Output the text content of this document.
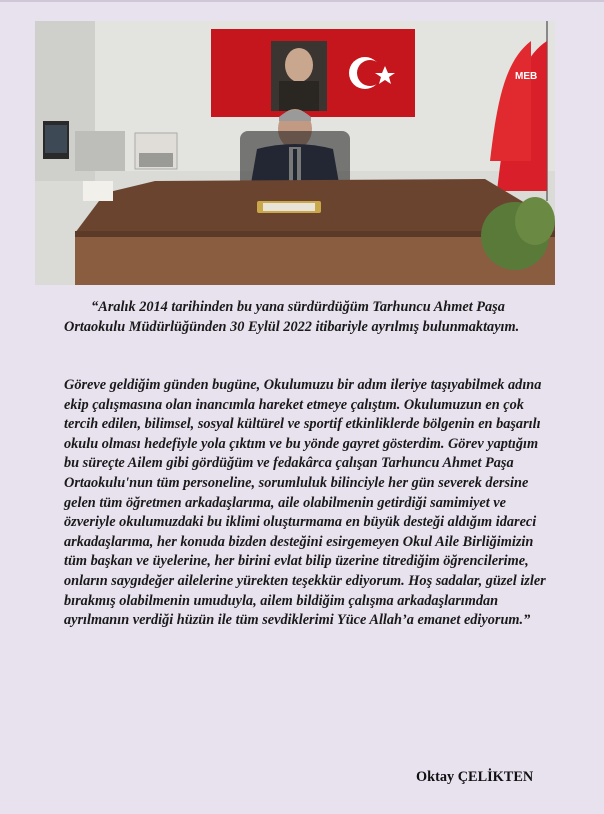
MEB

“Aralık 2014 tarihinden bu yana sürdürdüğüm Tarhuncu Ahmet Paşa Ortaokulu Müdürlüğünden 30 Eylül 2022 itibariyle ayrılmış bulunmaktayım.

Göreve geldiğim günden bugüne, Okulumuzu bir adım ileriye taşıyabilmek adına ekip çalışmasına olan inancımla hareket etmeye çalıştım. Okulumuzun en çok tercih edilen, bilimsel, sosyal kültürel ve sportif etkinliklerde bölgenin en başarılı okulu olması hedefiyle yola çıktım ve bu yönde gayret gösterdim. Görev yaptığım bu süreçte Ailem gibi gördüğüm ve fedakârca çalışan Tarhuncu Ahmet Paşa Ortaokulu'nun tüm personeline, sorumluluk bilinciyle her gün severek dersine gelen tüm öğretmen arkadaşlarıma, aile olabilmenin getirdiği samimiyet ve özveriyle okulumuzdaki bu iklimi oluşturmama en büyük desteği aldığım idareci arkadaşlarıma, her konuda bizden desteğini esirgemeyen Okul Aile Birliğimizin tüm başkan ve üyelerine, her birini evlat bilip üzerine titrediğim öğrencilerime, onların saygıdeğer ailelerine yürekten teşekkür ediyorum. Hoş sadalar, güzel izler bırakmış olabilmenin umuduyla, ailem bildiğim çalışma arkadaşlarımdan ayrılmanın verdiği hüzün ile tüm sevdiklerimi Yüce Allah’a emanet ediyorum.”

Oktay ÇELİKTEN
